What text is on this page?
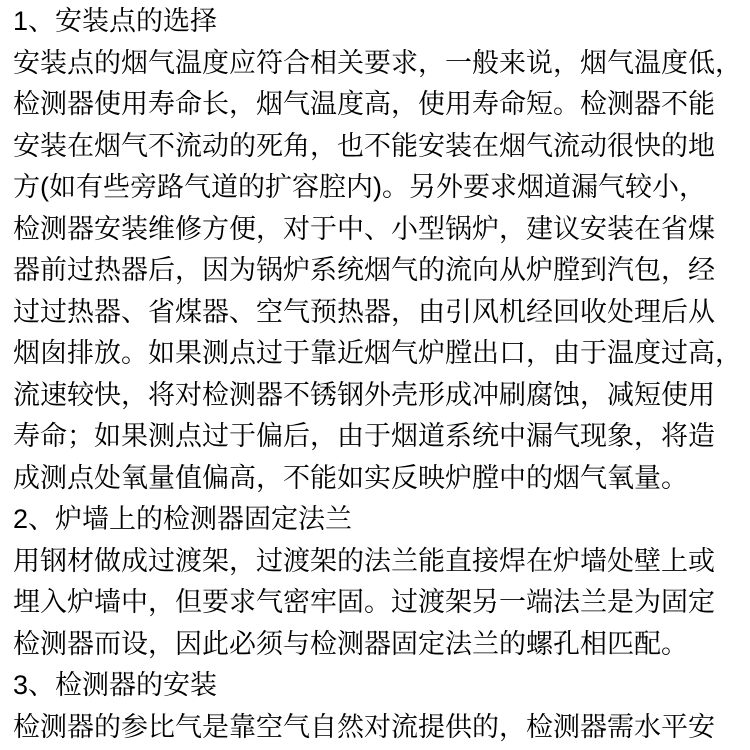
1、安装点的选择
安装点的烟气温度应符合相关要求，一般来说，烟气温度低，
检测器使用寿命长，烟气温度高，使用寿命短。检测器不能
安装在烟气不流动的死角，也不能安装在烟气流动很快的地
方(如有些旁路气道的扩容腔内)。另外要求烟道漏气较小，
检测器安装维修方便，对于中、小型锅炉，建议安装在省煤
器前过热器后，因为锅炉系统烟气的流向从炉膛到汽包，经
过过热器、省煤器、空气预热器，由引风机经回收处理后从
烟囱排放。如果测点过于靠近烟气炉膛出口，由于温度过高，
流速较快，将对检测器不锈钢外壳形成冲刷腐蚀，减短使用
寿命；如果测点过于偏后，由于烟道系统中漏气现象，将造
成测点处氧量值偏高，不能如实反映炉膛中的烟气氧量。
2、炉墙上的检测器固定法兰
用钢材做成过渡架，过渡架的法兰能直接焊在炉墙处壁上或
埋入炉墙中，但要求气密牢固。过渡架另一端法兰是为固定
检测器而设，因此必须与检测器固定法兰的螺孔相匹配。
3、检测器的安装
检测器的参比气是靠空气自然对流提供的，检测器需水平安
